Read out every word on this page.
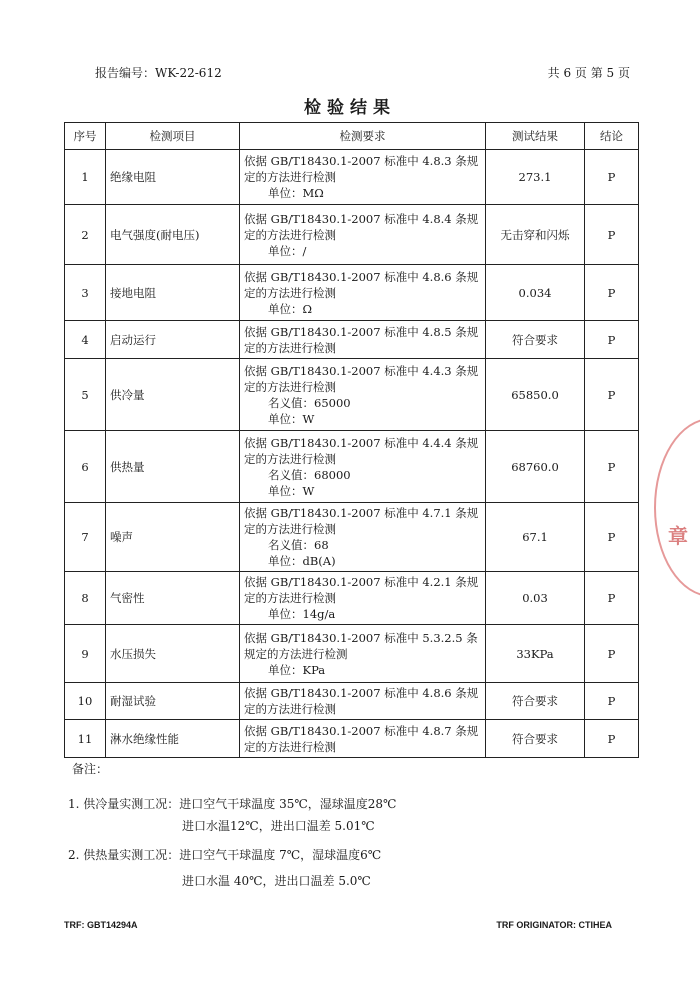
报告编号：WK-22-612	共 6 页 第 5 页
检验结果
序号	检测项目	检测要求	测试结果	结论
1	绝缘电阻	依据 GB/T18430.1-2007 标准中 4.8.3 条规定的方法进行检测
单位：MΩ	273.1	P
2	电气强度(耐电压)	依据 GB/T18430.1-2007 标准中 4.8.4 条规定的方法进行检测
单位：/	无击穿和闪烁	P
3	接地电阻	依据 GB/T18430.1-2007 标准中 4.8.6 条规定的方法进行检测
单位：Ω	0.034	P
4	启动运行	依据 GB/T18430.1-2007 标准中 4.8.5 条规定的方法进行检测	符合要求	P
5	供冷量	依据 GB/T18430.1-2007 标准中 4.4.3 条规定的方法进行检测
名义值：65000
单位：W	65850.0	P
6	供热量	依据 GB/T18430.1-2007 标准中 4.4.4 条规定的方法进行检测
名义值：68000
单位：W	68760.0	P
7	噪声	依据 GB/T18430.1-2007 标准中 4.7.1 条规定的方法进行检测
名义值：68
单位：dB(A)	67.1	P
8	气密性	依据 GB/T18430.1-2007 标准中 4.2.1 条规定的方法进行检测
单位：14g/a	0.03	P
9	水压损失	依据 GB/T18430.1-2007 标准中 5.3.2.5 条规定的方法进行检测
单位：KPa	33KPa	P
10	耐湿试验	依据 GB/T18430.1-2007 标准中 4.8.6 条规定的方法进行检测	符合要求	P
11	淋水绝缘性能	依据 GB/T18430.1-2007 标准中 4.8.7 条规定的方法进行检测	符合要求	P
备注：
1. 供冷量实测工况：进口空气干球温度 35℃，湿球温度28℃
进口水温12℃，进出口温差 5.01℃
2. 供热量实测工况：进口空气干球温度 7℃，湿球温度6℃
进口水温 40℃，进出口温差 5.0℃
TRF: GBT14294A	TRF ORIGINATOR: CTIHEA
章
